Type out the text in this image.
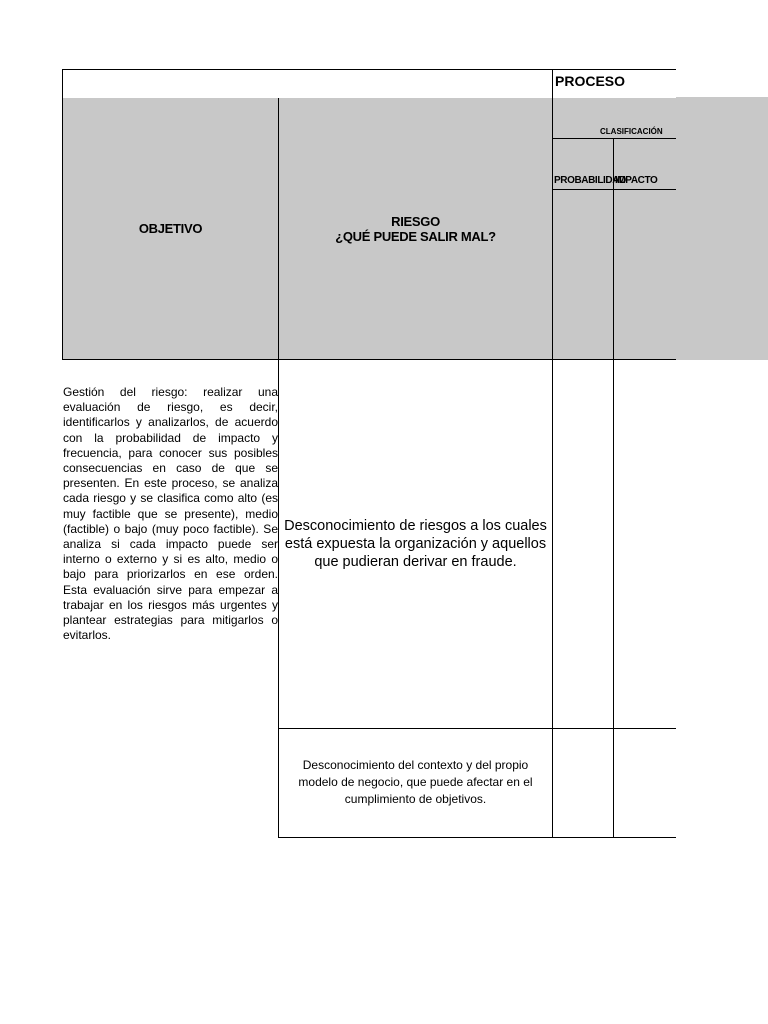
PROCESO
OBJETIVO	RIESGO
¿QUÉ PUEDE SALIR MAL?
CLASIFICACIÓN
PROBABILIDAD
IMPACTO
Gestión del riesgo: realizar una evaluación de riesgo, es decir, identificarlos y analizarlos, de acuerdo con la probabilidad de impacto y frecuencia, para conocer sus posibles consecuencias en caso de que se presenten. En este proceso, se analiza cada riesgo y se clasifica como alto (es muy factible que se presente), medio (factible) o bajo (muy poco factible). Se analiza si cada impacto puede ser interno o externo y si es alto, medio o bajo para priorizarlos en ese orden. Esta evaluación sirve para empezar a trabajar en los riesgos más urgentes y plantear estrategias para mitigarlos o evitarlos.
Desconocimiento de riesgos a los cuales está expuesta la organización y aquellos que pudieran derivar en fraude.
Desconocimiento del contexto y del propio modelo de negocio, que puede afectar en el cumplimiento de objetivos.
